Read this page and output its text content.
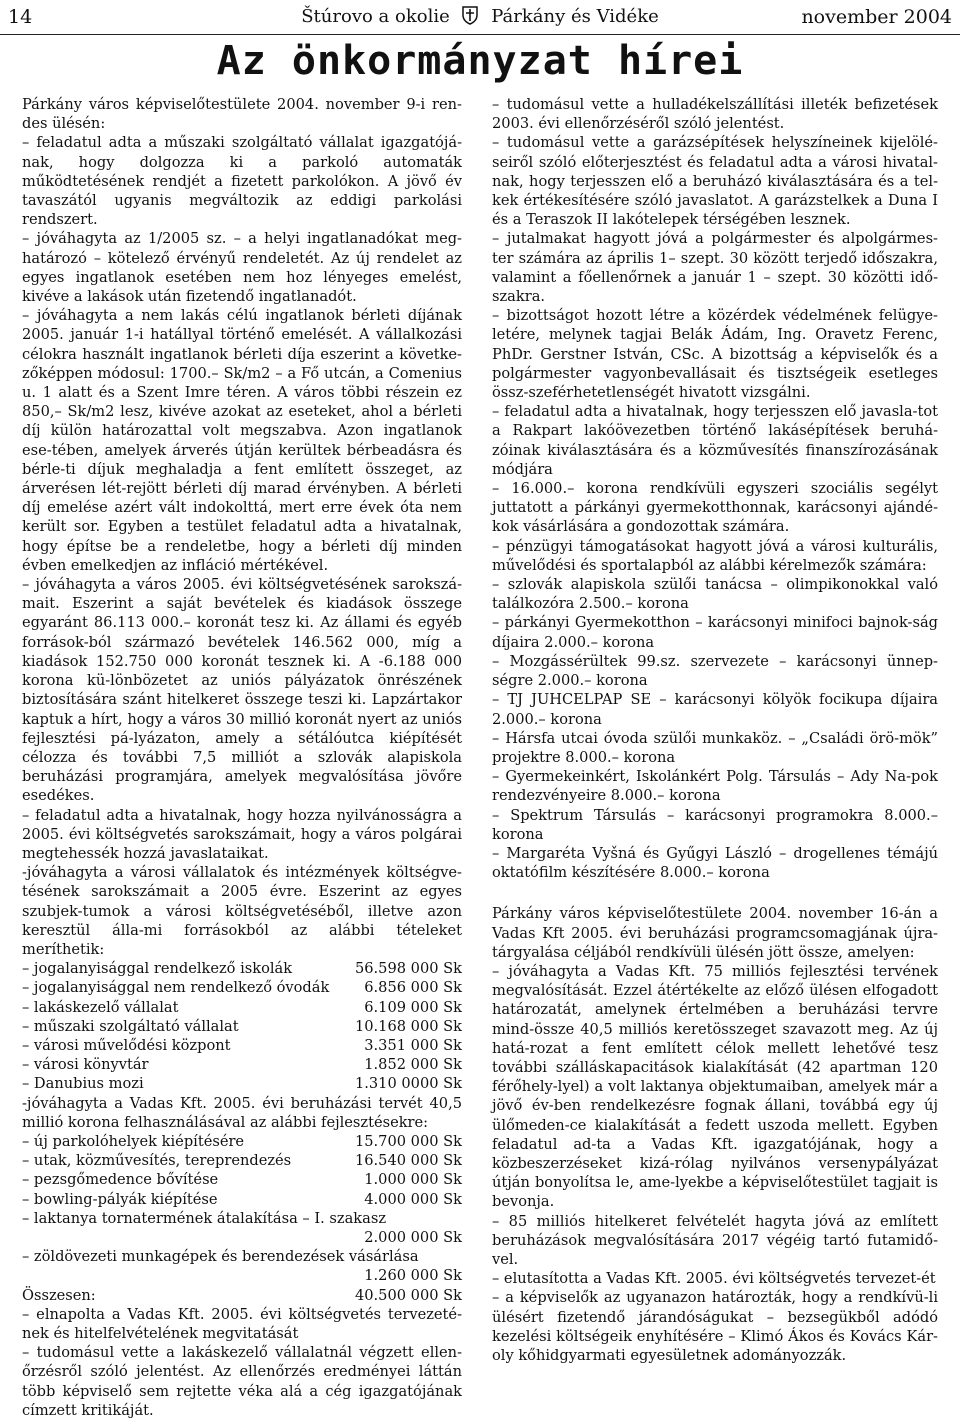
14	Štúrovo a okolie Párkány és Vidéke	november 2004
Az önkormányzat hírei

Párkány város képviselőtestülete 2004. november 9-i ren-des ülésén:

– feladatul adta a műszaki szolgáltató vállalat igazgatójá-nak, hogy dolgozza ki a parkoló automaták működtetésének rendjét a fizetett parkolókon. A jövő év tavaszától ugyanis megváltozik az eddigi parkolási rendszert.

– jóváhagyta az 1/2005 sz. – a helyi ingatlanadókat meg-határozó – kötelező érvényű rendeletét. Az új rendelet az egyes ingatlanok esetében nem hoz lényeges emelést, kivéve a lakások után fizetendő ingatlanadót.

– jóváhagyta a nem lakás célú ingatlanok bérleti díjának 2005. január 1-i hatállyal történő emelését. A vállalkozási célokra használt ingatlanok bérleti díja eszerint a követke-zőképpen módosul: 1700.– Sk/m2 – a Fő utcán, a Comenius u. 1 alatt és a Szent Imre téren. A város többi részein ez 850,– Sk/m2 lesz, kivéve azokat az eseteket, ahol a bérleti díj külön határozattal volt megszabva. Azon ingatlanok ese-tében, amelyek árverés útján kerültek bérbeadásra és bérle-ti díjuk meghaladja a fent említett összeget, az árverésen lét-rejött bérleti díj marad érvényben. A bérleti díj emelése azért vált indokolttá, mert erre évek óta nem került sor. Egyben a testület feladatul adta a hivatalnak, hogy építse be a rendeletbe, hogy a bérleti díj minden évben emelkedjen az infláció mértékével.

– jóváhagyta a város 2005. évi költségvetésének sarokszá-mait. Eszerint a saját bevételek és kiadások összege egyaránt 86.113 000.– koronát tesz ki. Az állami és egyéb források-ból származó bevételek 146.562 000, míg a kiadások 152.750 000 koronát tesznek ki. A -6.188 000 korona kü-lönbözetet az uniós pályázatok önrészének biztosítására szánt hitelkeret összege teszi ki. Lapzártakor kaptuk a hírt, hogy a város 30 millió koronát nyert az uniós fejlesztési pá-lyázaton, amely a sétálóutca kiépítését célozza és további 7,5 milliót a szlovák alapiskola beruházási programjára, amelyek megvalósítása jövőre esedékes.

– feladatul adta a hivatalnak, hogy hozza nyilvánosságra a 2005. évi költségvetés sarokszámait, hogy a város polgárai megtehessék hozzá javaslataikat.

-jóváhagyta a városi vállalatok és intézmények költségve-tésének sarokszámait a 2005 évre. Eszerint az egyes szubjek-tumok a városi költségvetéséből, illetve azon keresztül álla-mi forrásokból az alábbi tételeket meríthetik:

– jogalanyisággal rendelkező iskolák	56.598 000 Sk
– jogalanyisággal nem rendelkező óvodák	6.856 000 Sk
– lakáskezelő vállalat	6.109 000 Sk
– műszaki szolgáltató vállalat	10.168 000 Sk
– városi művelődési központ	3.351 000 Sk
– városi könyvtár	1.852 000 Sk
– Danubius mozi	1.310 0000 Sk

-jóváhagyta a Vadas Kft. 2005. évi beruházási tervét 40,5 millió korona felhasználásával az alábbi fejlesztésekre:

– új parkolóhelyek kiépítésére	15.700 000 Sk
– utak, közművesítés, tereprendezés	16.540 000 Sk
– pezsgőmedence bővítése	1.000 000 Sk
– bowling-pályák kiépítése	4.000 000 Sk
– laktanya tornatermének átalakítása – I. szakasz
2.000 000 Sk
– zöldövezeti munkagépek és berendezések vásárlása
1.260 000 Sk
Összesen:	40.500 000 Sk

– elnapolta a Vadas Kft. 2005. évi költségvetés tervezeté-nek és hitelfelvételének megvitatását

– tudomásul vette a lakáskezelő vállalatnál végzett ellen-őrzésről szóló jelentést. Az ellenőrzés eredményei láttán több képviselő sem rejtette véka alá a cég igazgatójának címzett kritikáját.

– tudomásul vette a hulladékelszállítási illeték befizetések 2003. évi ellenőrzéséről szóló jelentést.

– tudomásul vette a garázsépítések helyszíneinek kijelölé-seiről szóló előterjesztést és feladatul adta a városi hivatal-nak, hogy terjesszen elő a beruházó kiválasztására és a tel-kek értékesítésére szóló javaslatot. A garázstelkek a Duna I és a Teraszok II lakótelepek térségében lesznek.

– jutalmakat hagyott jóvá a polgármester és alpolgármes-ter számára az április 1– szept. 30 között terjedő időszakra, valamint a főellenőrnek a január 1 – szept. 30 közötti idő-szakra.

– bizottságot hozott létre a közérdek védelmének felügye-letére, melynek tagjai Belák Ádám, Ing. Oravetz Ferenc, PhDr. Gerstner István, CSc. A bizottság a képviselők és a polgármester vagyonbevallásait és tisztségeik esetleges össz-szeférhetetlenségét hivatott vizsgálni.

– feladatul adta a hivatalnak, hogy terjesszen elő javasla-tot a Rakpart lakóövezetben történő lakásépítések beruhá-zóinak kiválasztására és a közművesítés finanszírozásának módjára

– 16.000.– korona rendkívüli egyszeri szociális segélyt juttatott a párkányi gyermekotthonnak, karácsonyi ajándé-kok vásárlására a gondozottak számára.

– pénzügyi támogatásokat hagyott jóvá a városi kulturális, művelődési és sportalapból az alábbi kérelmezők számára:

– szlovák alapiskola szülői tanácsa – olimpikonokkal való találkozóra 2.500.– korona

– párkányi Gyermekotthon – karácsonyi minifoci bajnok-ság díjaira 2.000.– korona

– Mozgássérültek 99.sz. szervezete – karácsonyi ünnep-ségre 2.000.– korona

– TJ JUHCELPAP SE – karácsonyi kölyök focikupa díjaira 2.000.– korona

– Hársfa utcai óvoda szülői munkaköz. – „Családi örö-mök” projektre 8.000.– korona

– Gyermekeinkért, Iskolánkért Polg. Társulás – Ady Na-pok rendezvényeire 8.000.– korona

– Spektrum Társulás – karácsonyi programokra 8.000.– korona

– Margaréta Vyšná és Gyűgyi László – drogellenes témájú oktatófilm készítésére 8.000.– korona

Párkány város képviselőtestülete 2004. november 16-án a Vadas Kft 2005. évi beruházási programcsomagjának újra-tárgyalása céljából rendkívüli ülésén jött össze, amelyen:

– jóváhagyta a Vadas Kft. 75 milliós fejlesztési tervének megvalósítását. Ezzel átértékelte az előző ülésen elfogadott határozatát, amelynek értelmében a beruházási tervre mind-össze 40,5 milliós keretösszeget szavazott meg. Az új hatá-rozat a fent említett célok mellett lehetővé tesz további szálláskapacitások kialakítását (42 apartman 120 férőhely-lyel) a volt laktanya objektumaiban, amelyek már a jövő év-ben rendelkezésre fognak állani, továbbá egy új ülőmeden-ce kialakítását a fedett uszoda mellett. Egyben feladatul ad-ta a Vadas Kft. igazgatójának, hogy a közbeszerzéseket kizá-rólag nyilvános versenypályázat útján bonyolítsa le, ame-lyekbe a képviselőtestület tagjait is bevonja.

– 85 milliós hitelkeret felvételét hagyta jóvá az említett beruházások megvalósítására 2017 végéig tartó futamidő-vel.

– elutasította a Vadas Kft. 2005. évi költségvetés tervezet-ét

– a képviselők az ugyanazon határozták, hogy a rendkívü-li ülésért fizetendő járandóságukat – bezsegükből adódó kezelési költségeik enyhítésére – Klimó Ákos és Kovács Kár-oly kőhidgyarmati egyesületnek adományozzák.
